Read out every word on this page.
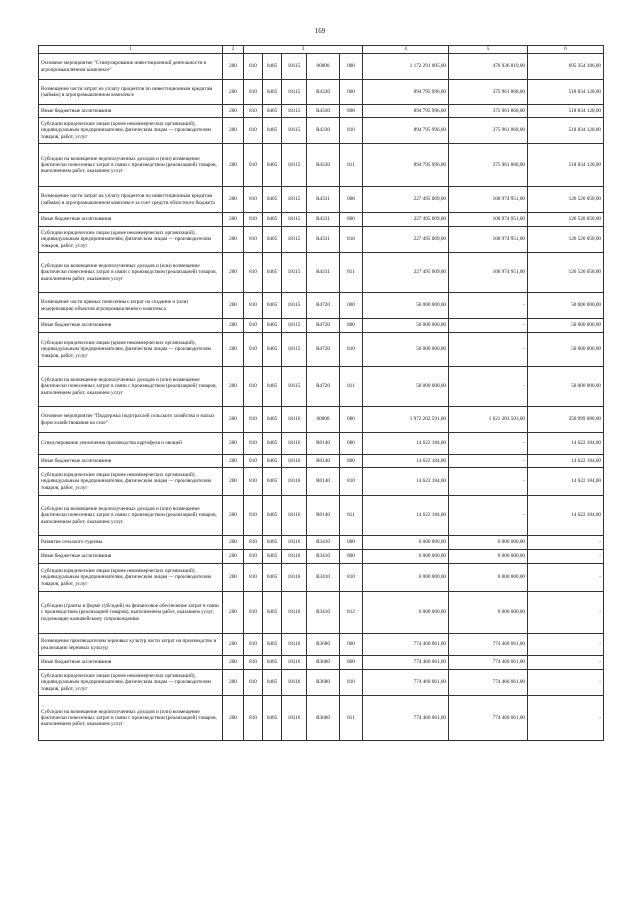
169
1	2	3					4	5	6
Основное мероприятие "Стимулирование инвестиционной деятельности в агропромышленном комплексе"	200	810	0405	18115	00000	000	1 172 291 005,00	476 936 819,00	695 354 186,00
Возмещение части затрат на уплату процентов по инвестиционным кредитам (займам) в агропромышленном комплексе	200	810	0405	18115	R4330	000	894 795 996,00	375 961 868,00	518 834 128,00
Иные бюджетные ассигнования	200	810	0405	18115	R4330	800	894 795 996,00	375 961 868,00	518 834 128,00
Субсидии юридическим лицам (кроме некоммерческих организаций), индивидуальным предпринимателям, физическим лицам — производителям товаров, работ, услуг	200	810	0405	18115	R4330	810	894 795 996,00	375 961 868,00	518 834 128,00
Субсидии на возмещение недополученных доходов и (или) возмещение фактически понесенных затрат в связи с производством (реализацией) товаров, выполнением работ, оказанием услуг	200	810	0405	18115	R4330	811	894 795 996,00	375 961 868,00	518 834 128,00
Возмещение части затрат на уплату процентов по инвестиционным кредитам (займам) в агропромышленном комплексе за счет средств областного бюджета	200	810	0405	18115	R4331	000	227 495 009,00	100 974 951,00	126 520 058,00
Иные бюджетные ассигнования	200	810	0405	18115	R4331	800	227 495 009,00	100 974 951,00	126 520 058,00
Субсидии юридическим лицам (кроме некоммерческих организаций), индивидуальным предпринимателям, физическим лицам — производителям товаров, работ, услуг	200	810	0405	18115	R4331	810	227 495 009,00	100 974 951,00	126 520 058,00
Субсидии на возмещение недополученных доходов и (или) возмещение фактически понесенных затрат в связи с производством (реализацией) товаров, выполнением работ, оказанием услуг	200	810	0405	18115	R4331	811	227 495 009,00	100 974 951,00	126 520 058,00
Возмещение части прямых понесенных затрат на создание и (или) модернизацию объектов агропромышленного комплекса	200	810	0405	18115	R4720	000	50 000 000,00	-	50 000 000,00
Иные бюджетные ассигнования	200	810	0405	18115	R4720	800	50 000 000,00	-	50 000 000,00
Субсидии юридическим лицам (кроме некоммерческих организаций), индивидуальным предпринимателям, физическим лицам — производителям товаров, работ, услуг	200	810	0405	18115	R4720	810	50 000 000,00	-	50 000 000,00
Субсидии на возмещение недополученных доходов и (или) возмещение фактически понесенных затрат в связи с производством (реализацией) товаров, выполнением работ, оказанием услуг	200	810	0405	18115	R4720	811	50 000 000,00	-	50 000 000,00
Основное мероприятие "Поддержка подотраслей сельского хозяйства и малых форм хозяйствования на селе"	200	810	0405	18116	00000	000	1 972 202 591,00	1 621 203 503,00	350 999 088,00
Стимулирование увеличения производства картофеля и овощей	200	810	0405	18116	R0140	000	14 622 184,00	-	14 622 184,00
Иные бюджетные ассигнования	200	810	0405	18116	R0140	800	14 622 184,00	-	14 622 184,00
Субсидии юридическим лицам (кроме некоммерческих организаций), индивидуальным предпринимателям, физическим лицам — производителям товаров, работ, услуг	200	810	0405	18116	R0140	810	14 622 184,00	-	14 622 184,00
Субсидии на возмещение недополученных доходов и (или) возмещение фактически понесенных затрат в связи с производством (реализацией) товаров, выполнением работ, оказанием услуг	200	810	0405	18116	R0140	811	14 622 184,00	-	14 622 184,00
Развитие сельского туризма	200	810	0405	18116	R3410	000	6 000 000,00	6 000 000,00	-
Иные бюджетные ассигнования	200	810	0405	18116	R3410	800	6 000 000,00	6 000 000,00	-
Субсидии юридическим лицам (кроме некоммерческих организаций), индивидуальным предпринимателям, физическим лицам — производителям товаров, работ, услуг	200	810	0405	18116	R3410	810	6 000 000,00	6 000 000,00	-
Субсидии (гранты в форме субсидий) на финансовое обеспечение затрат в связи с производством (реализацией товаров), выполнением работ, оказанием услуг, подлежащие казначейскому сопровождению	200	810	0405	18116	R3410	812	6 000 000,00	6 000 000,00	-
Возмещение производителям зерновых культур части затрат на производство и реализацию зерновых культур	200	810	0405	18116	R3680	000	774 460 061,00	774 460 061,00	-
Иные бюджетные ассигнования	200	810	0405	18116	R3680	800	774 460 061,00	774 460 061,00	-
Субсидии юридическим лицам (кроме некоммерческих организаций), индивидуальным предпринимателям, физическим лицам — производителям товаров, работ, услуг	200	810	0405	18116	R3680	810	774 460 061,00	774 460 061,00	-
Субсидии на возмещение недополученных доходов и (или) возмещение фактически понесенных затрат в связи с производством (реализацией) товаров, выполнением работ, оказанием услуг	200	810	0405	18116	R3680	811	774 460 061,00	774 460 061,00	-
